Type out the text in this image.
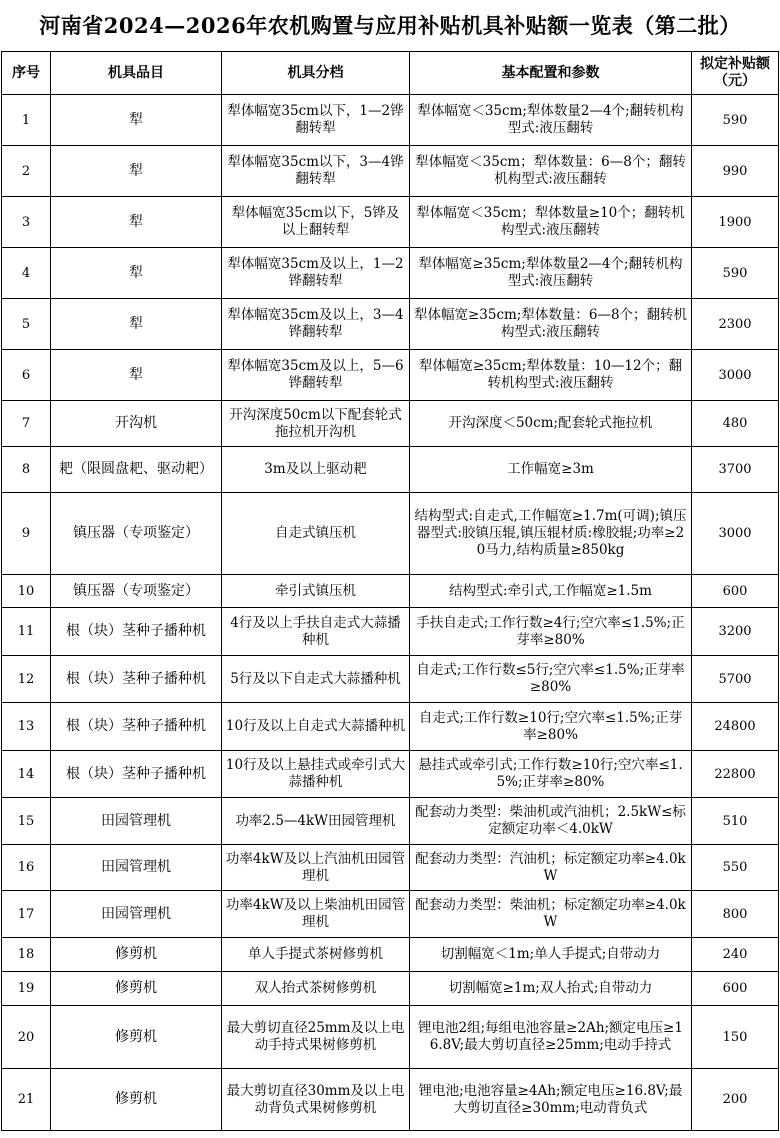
河南省2024—2026年农机购置与应用补贴机具补贴额一览表（第二批）
序号	机具品目	机具分档	基本配置和参数	拟定补贴额（元）
1	犁	犁体幅宽35cm以下，1—2铧翻转犁	犁体幅宽＜35cm;犁体数量2—4个;翻转机构型式:液压翻转	590
2	犁	犁体幅宽35cm以下，3—4铧翻转犁	犁体幅宽＜35cm；犁体数量：6—8个；翻转机构型式:液压翻转	990
3	犁	犁体幅宽35cm以下，5铧及以上翻转犁	犁体幅宽＜35cm；犁体数量≥10个；翻转机构型式:液压翻转	1900
4	犁	犁体幅宽35cm及以上，1—2铧翻转犁	犁体幅宽≥35cm;犁体数量2—4个;翻转机构型式:液压翻转	590
5	犁	犁体幅宽35cm及以上，3—4铧翻转犁	犁体幅宽≥35cm;犁体数量：6—8个；翻转机构型式:液压翻转	2300
6	犁	犁体幅宽35cm及以上，5—6铧翻转犁	犁体幅宽≥35cm;犁体数量：10—12个；翻转机构型式:液压翻转	3000
7	开沟机	开沟深度50cm以下配套轮式拖拉机开沟机	开沟深度＜50cm;配套轮式拖拉机	480
8	耙（限圆盘耙、驱动耙）	3m及以上驱动耙	工作幅宽≥3m	3700
9	镇压器（专项鉴定）	自走式镇压机	结构型式:自走式,工作幅宽≥1.7m(可调);镇压器型式:胶镇压辊,镇压辊材质:橡胶辊;功率≥20马力,结构质量≥850kg	3000
10	镇压器（专项鉴定）	牵引式镇压机	结构型式:牵引式,工作幅宽≥1.5m	600
11	根（块）茎种子播种机	4行及以上手扶自走式大蒜播种机	手扶自走式;工作行数≥4行;空穴率≤1.5%;正芽率≥80%	3200
12	根（块）茎种子播种机	5行及以下自走式大蒜播种机	自走式;工作行数≤5行;空穴率≤1.5%;正芽率≥80%	5700
13	根（块）茎种子播种机	10行及以上自走式大蒜播种机	自走式;工作行数≥10行;空穴率≤1.5%;正芽率≥80%	24800
14	根（块）茎种子播种机	10行及以上悬挂式或牵引式大蒜播种机	悬挂式或牵引式;工作行数≥10行;空穴率≤1.5%;正芽率≥80%	22800
15	田园管理机	功率2.5—4kW田园管理机	配套动力类型：柴油机或汽油机；2.5kW≤标定额定功率＜4.0kW	510
16	田园管理机	功率4kW及以上汽油机田园管理机	配套动力类型：汽油机；标定额定功率≥4.0kW	550
17	田园管理机	功率4kW及以上柴油机田园管理机	配套动力类型：柴油机；标定额定功率≥4.0kW	800
18	修剪机	单人手提式茶树修剪机	切割幅宽＜1m;单人手提式;自带动力	240
19	修剪机	双人抬式茶树修剪机	切割幅宽≥1m;双人抬式;自带动力	600
20	修剪机	最大剪切直径25mm及以上电动手持式果树修剪机	锂电池2组;每组电池容量≥2Ah;额定电压≥16.8V;最大剪切直径≥25mm;电动手持式	150
21	修剪机	最大剪切直径30mm及以上电动背负式果树修剪机	锂电池;电池容量≥4Ah;额定电压≥16.8V;最大剪切直径≥30mm;电动背负式	200
